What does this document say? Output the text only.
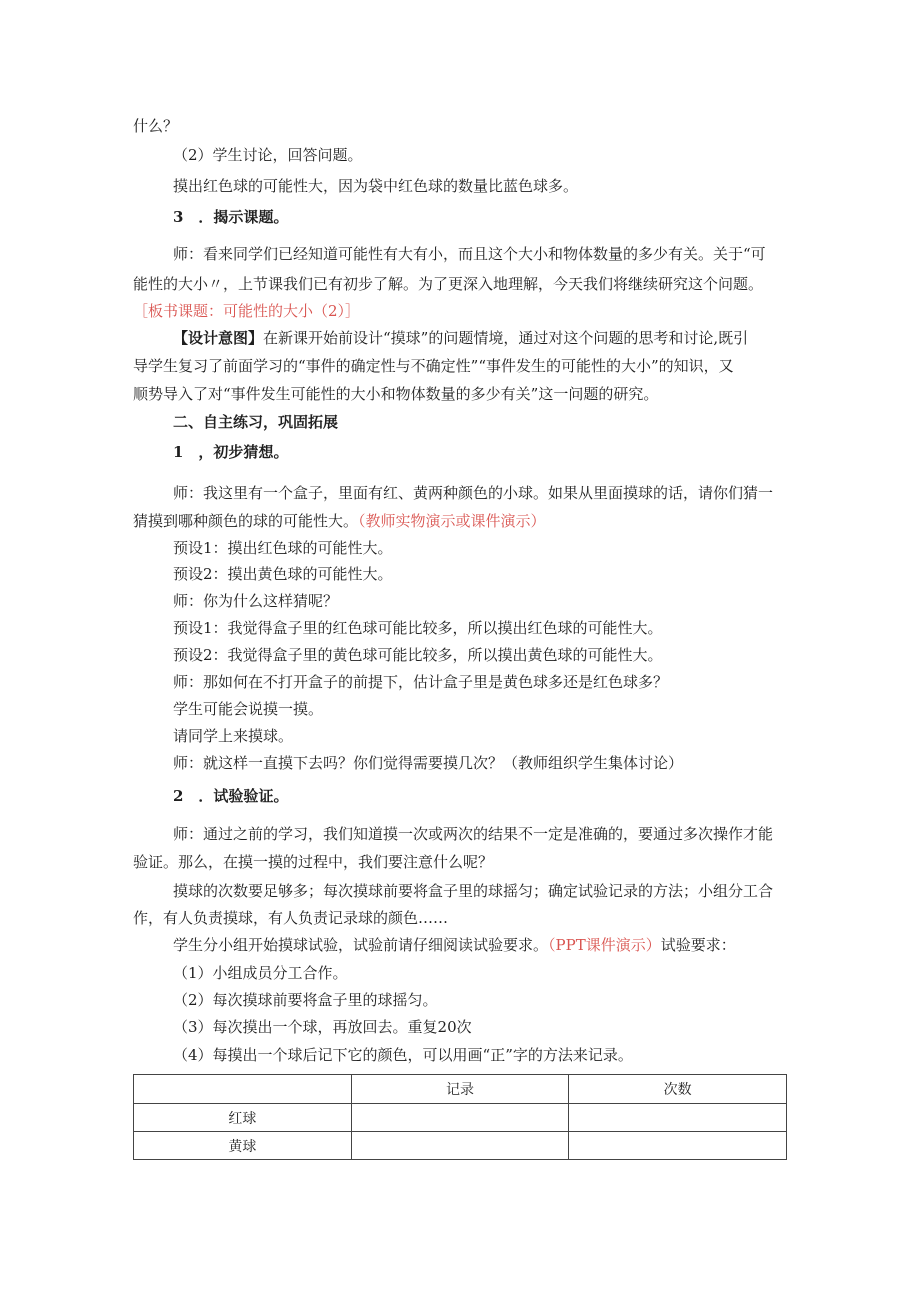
什么？
（2）学生讨论，回答问题。
摸出红色球的可能性大，因为袋中红色球的数量比蓝色球多。
3　．揭示课题。
师：看来同学们已经知道可能性有大有小，而且这个大小和物体数量的多少有关。关于“可
能性的大小〃，上节课我们已有初步了解。为了更深入地理解，今天我们将继续研究这个问题。
［板书课题：可能性的大小（2）］
【设计意图】在新课开始前设计“摸球”的问题情境，通过对这个问题的思考和讨论,既引
导学生复习了前面学习的“事件的确定性与不确定性”“事件发生的可能性的大小”的知识，又
顺势导入了对“事件发生可能性的大小和物体数量的多少有关”这一问题的研究。
二、自主练习，巩固拓展
1　，初步猜想。
师：我这里有一个盒子，里面有红、黄两种颜色的小球。如果从里面摸球的话，请你们猜一
猜摸到哪种颜色的球的可能性大。（教师实物演示或课件演示）
预设1：摸出红色球的可能性大。
预设2：摸出黄色球的可能性大。
师：你为什么这样猜呢？
预设1：我觉得盒子里的红色球可能比较多，所以摸出红色球的可能性大。
预设2：我觉得盒子里的黄色球可能比较多，所以摸出黄色球的可能性大。
师：那如何在不打开盒子的前提下，估计盒子里是黄色球多还是红色球多？
学生可能会说摸一摸。
请同学上来摸球。
师：就这样一直摸下去吗？你们觉得需要摸几次？（教师组织学生集体讨论）
2　．试验验证。
师：通过之前的学习，我们知道摸一次或两次的结果不一定是准确的，要通过多次操作才能
验证。那么，在摸一摸的过程中，我们要注意什么呢？
摸球的次数要足够多；每次摸球前要将盒子里的球摇匀；确定试验记录的方法；小组分工合
作，有人负责摸球，有人负责记录球的颜色……
学生分小组开始摸球试验，试验前请仔细阅读试验要求。（PPT课件演示）试验要求：
（1）小组成员分工合作。
（2）每次摸球前要将盒子里的球摇匀。
（3）每次摸出一个球，再放回去。重复20次
（4）每摸出一个球后记下它的颜色，可以用画“正”字的方法来记录。
	记录	次数
红球		
黄球		
